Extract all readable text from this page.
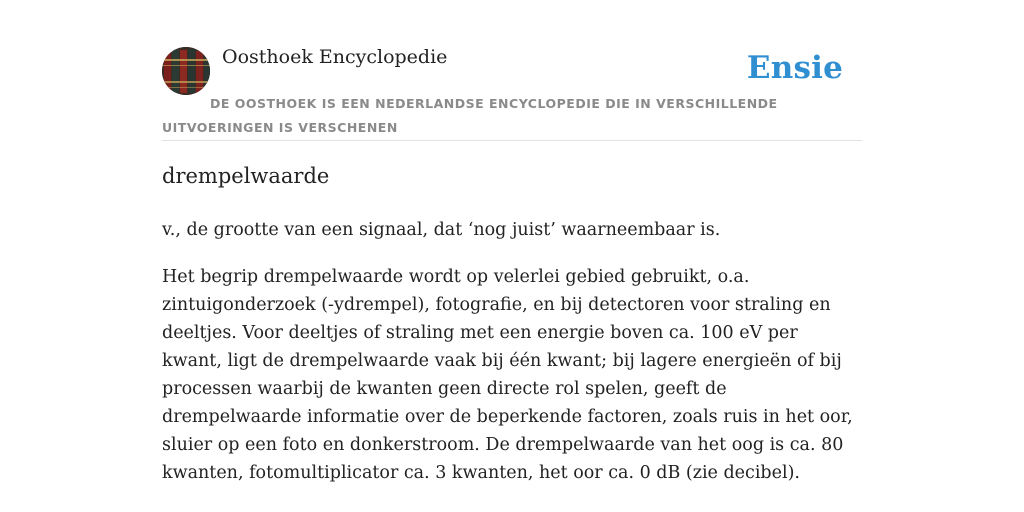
Oosthoek Encyclopedie	Ensie
DE OOSTHOEK IS EEN NEDERLANDSE ENCYCLOPEDIE DIE IN VERSCHILLENDE UITVOERINGEN IS VERSCHENEN
drempelwaarde

v., de grootte van een signaal, dat ‘nog juist’ waarneembaar is.

Het begrip drempelwaarde wordt op velerlei gebied gebruikt, o.a. zintuigonderzoek (-ydrempel), fotografie, en bij detectoren voor straling en deeltjes. Voor deeltjes of straling met een energie boven ca. 100 eV per kwant, ligt de drempelwaarde vaak bij één kwant; bij lagere energieën of bij processen waarbij de kwanten geen directe rol spelen, geeft de drempelwaarde informatie over de beperkende factoren, zoals ruis in het oor, sluier op een foto en donkerstroom. De drempelwaarde van het oog is ca. 80 kwanten, fotomultiplicator ca. 3 kwanten, het oor ca. 0 dB (zie decibel).
